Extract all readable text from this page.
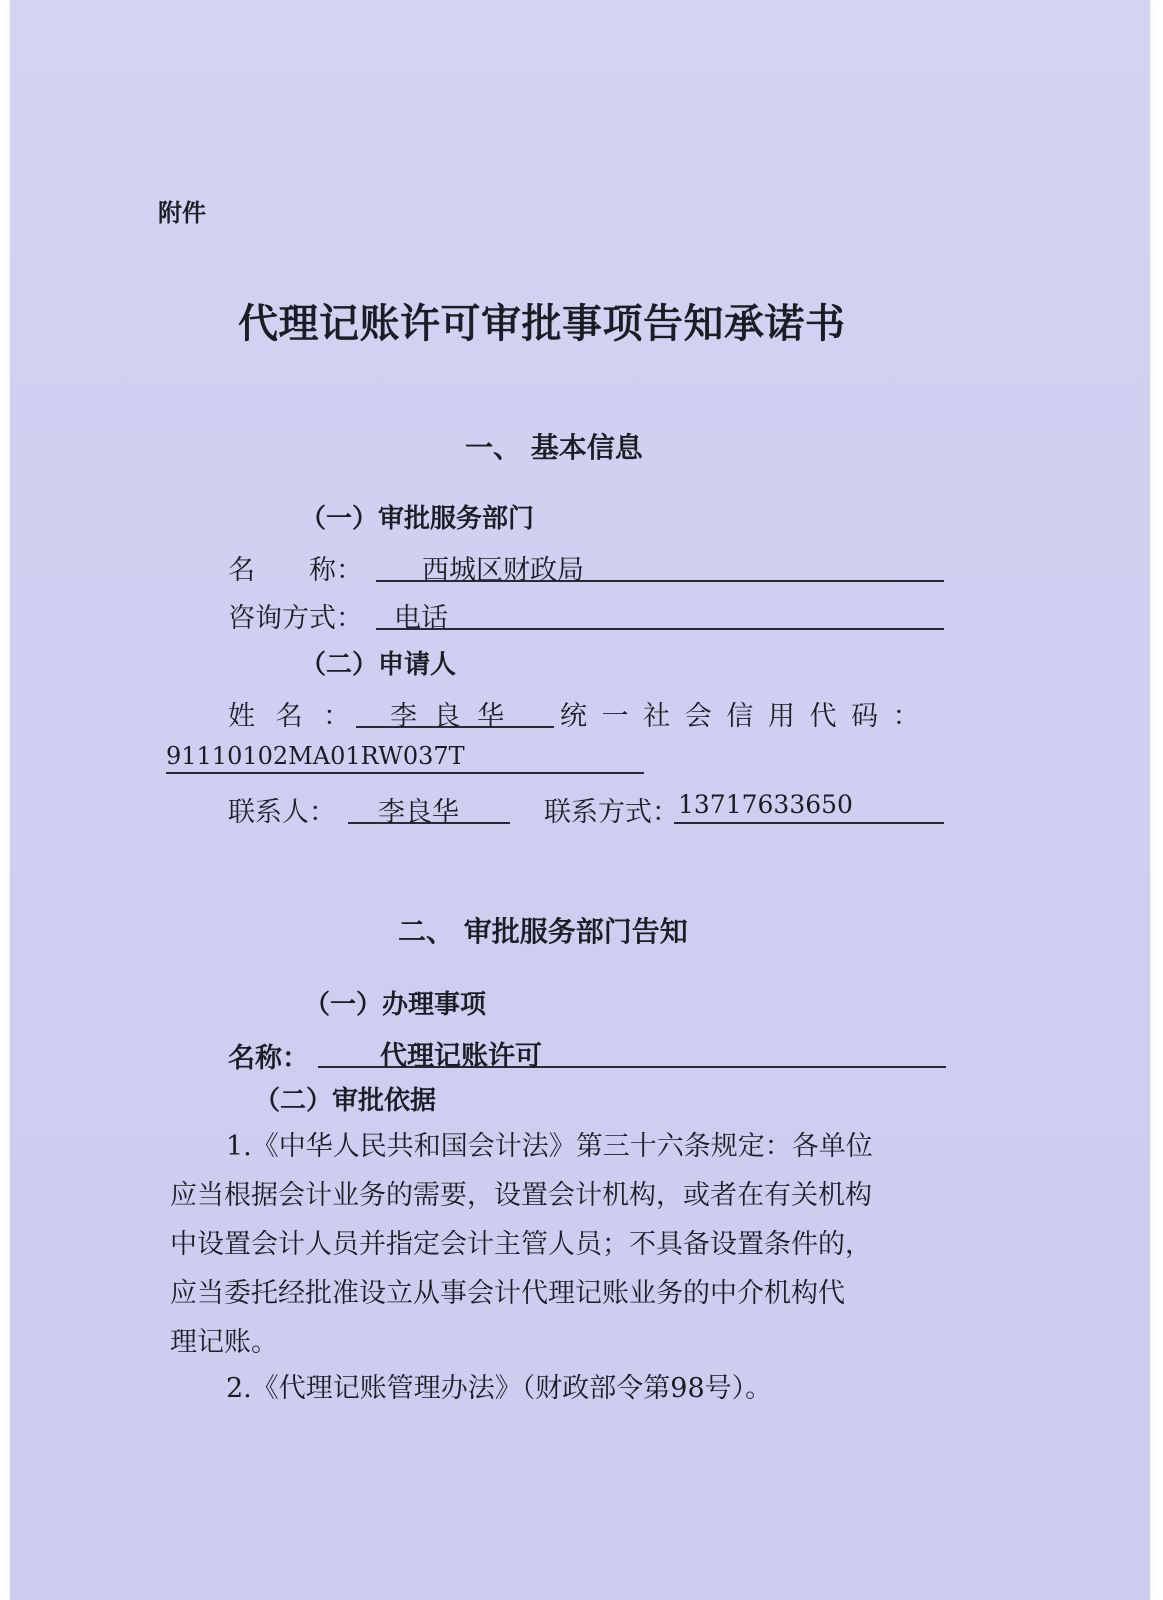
附件
代理记账许可审批事项告知承诺书
一、 基本信息
（一）审批服务部门
名　　称： 西城区财政局
咨询方式： 电话
（二）申请人
姓 名 ： 李 良 华 统 一 社 会 信 用 代 码 ：
91110102MA01RW037T
联系人： 李良华	联系方式： 13717633650
二、 审批服务部门告知
（一）办理事项
名称：	代理记账许可
（二）审批依据
1.《中华人民共和国会计法》第三十六条规定：各单位
应当根据会计业务的需要，设置会计机构，或者在有关机构
中设置会计人员并指定会计主管人员；不具备设置条件的，
应当委托经批准设立从事会计代理记账业务的中介机构代
理记账。
2.《代理记账管理办法》（财政部令第98号）。
